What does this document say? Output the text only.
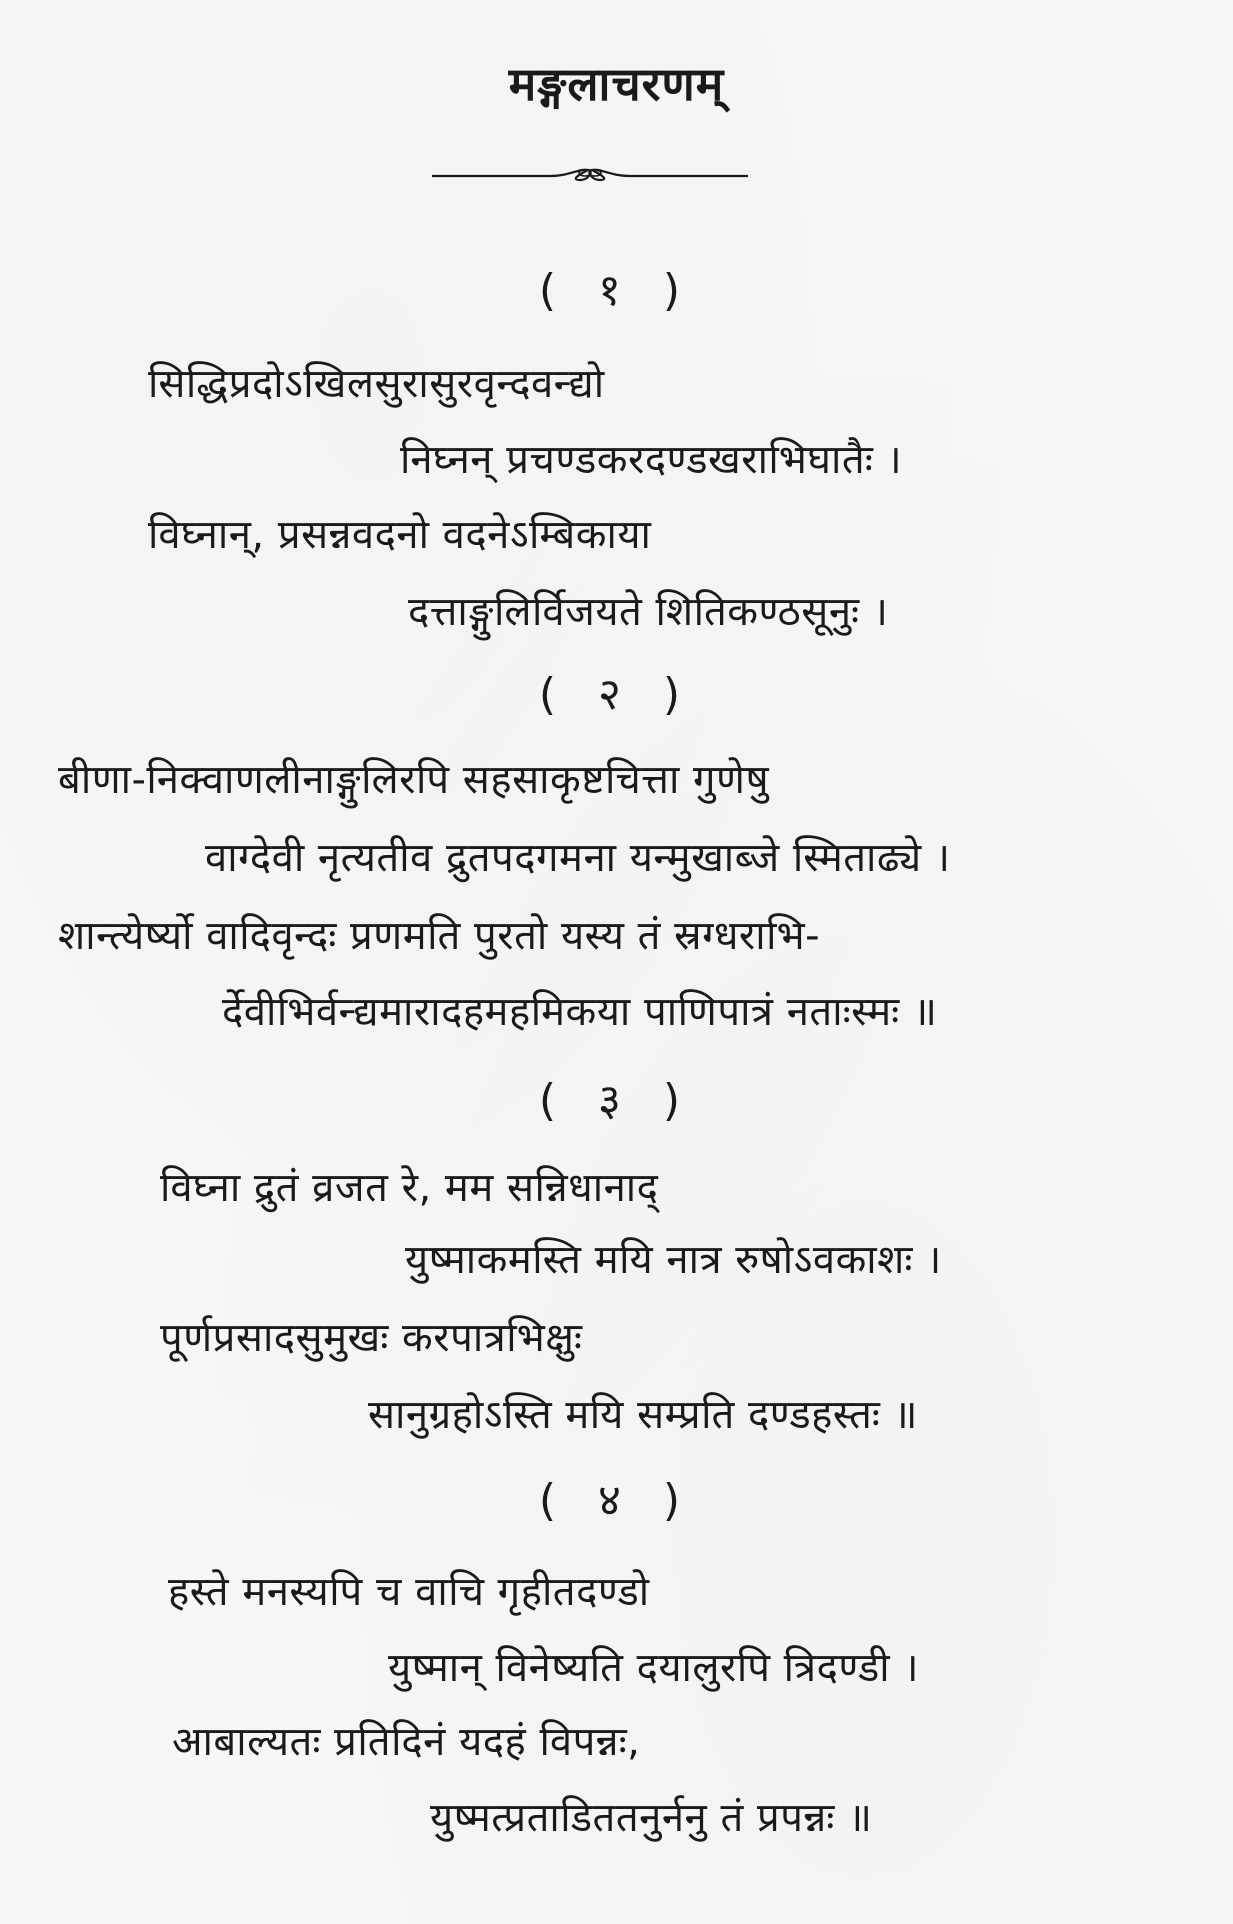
मङ्गलाचरणम्
( १ )
सिद्धिप्रदोऽखिलसुरासुरवृन्दवन्द्यो
निघ्नन् प्रचण्डकरदण्डखराभिघातैः ।
विघ्नान्, प्रसन्नवदनो वदनेऽम्बिकाया
दत्ताङ्गुलिर्विजयते शितिकण्ठसूनुः ।
( २ )
बीणा-निक्वाणलीनाङ्गुलिरपि सहसाकृष्टचित्ता गुणेषु
वाग्देवी नृत्यतीव द्रुतपदगमना यन्मुखाब्जे स्मिताढ्ये ।
शान्त्येर्ष्यो वादिवृन्दः प्रणमति पुरतो यस्य तं स्रग्धराभि-
र्देवीभिर्वन्द्यमारादहमहमिकया पाणिपात्रं नताःस्मः ॥
( ३ )
विघ्ना द्रुतं व्रजत रे, मम सन्निधानाद्
युष्माकमस्ति मयि नात्र रुषोऽवकाशः ।
पूर्णप्रसादसुमुखः करपात्रभिक्षुः
सानुग्रहोऽस्ति मयि सम्प्रति दण्डहस्तः ॥
( ४ )
हस्ते मनस्यपि च वाचि गृहीतदण्डो
युष्मान् विनेष्यति दयालुरपि त्रिदण्डी ।
आबाल्यतः प्रतिदिनं यदहं विपन्नः,
युष्मत्प्रताडिततनुर्ननु तं प्रपन्नः ॥
